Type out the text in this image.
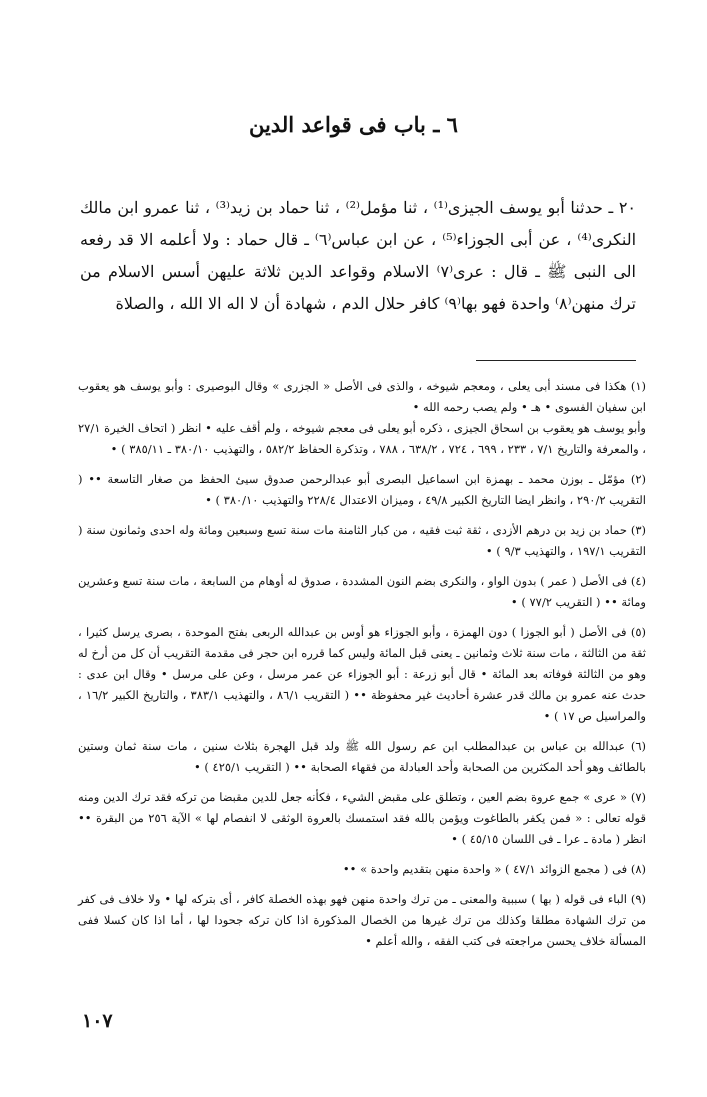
٦ ـ باب فى قواعد الدين
٢٠ ـ حدثنا أبو يوسف الجيزى⁽¹⁾ ، ثنا مؤمل⁽²⁾ ، ثنا حماد بن زيد⁽³⁾ ، ثنا عمرو ابن مالك النكرى⁽⁴⁾ ، عن أبى الجوزاء⁽⁵⁾ ، عن ابن عباس⁽٦⁾ ـ قال حماد : ولا أعلمه الا قد رفعه الى النبى ﷺ ـ قال : عرى⁽٧⁾ الاسلام وقواعد الدين ثلاثة عليهن أسس الاسلام من ترك منهن⁽٨⁾ واحدة فهو بها⁽٩⁾ كافر حلال الدم ، شهادة أن لا اله الا الله ، والصلاة

(١) هكذا فى مسند أبى يعلى ، ومعجم شيوخه ، والذى فى الأصل « الجزرى » وقال البوصيرى : وأبو يوسف هو يعقوب ابن سفيان الفسوى • هـ • ولم يصب رحمه الله •

وأبو يوسف هو يعقوب بن اسحاق الجيزى ، ذكره أبو يعلى فى معجم شيوخه ، ولم أقف عليه • انظر ( اتحاف الخيرة ٢٧/١ ، والمعرفة والتاريخ ٧/١ ، ٢٣٣ ، ٦٩٩ ، ٧٢٤ ، ٦٣٨/٢ ، ٧٨٨ ، وتذكرة الحفاظ ٥٨٢/٢ ، والتهذيب ٣٨٠/١٠ ـ ٣٨٥/١١ ) •

(٢) مؤمّل ـ بوزن محمد ـ بهمزة ابن اسماعيل البصرى أبو عبدالرحمن صدوق سيئ الحفظ من صغار التاسعة •• ( التقريب ٢٩٠/٢ ، وانظر ايضا التاريخ الكبير ٤٩/٨ ، وميزان الاعتدال ٢٢٨/٤ والتهذيب ٣٨٠/١٠ ) •

(٣) حماد بن زيد بن درهم الأزدى ، ثقة ثبت فقيه ، من كبار الثامنة مات سنة تسع وسبعين ومائة وله احدى وثمانون سنة ( التقريب ١٩٧/١ ، والتهذيب ٩/٣ ) •

(٤) فى الأصل ( عمر ) بدون الواو ، والنكرى بضم النون المشددة ، صدوق له أوهام من السابعة ، مات سنة تسع وعشرين ومائة •• ( التقريب ٧٧/٢ ) •

(٥) فى الأصل ( أبو الجوزا ) دون الهمزة ، وأبو الجوزاء هو أوس بن عبدالله الربعى بفتح الموحدة ، بصرى يرسل كثيرا ، ثقة من الثالثة ، مات سنة ثلاث وثمانين ـ يعنى قبل المائة وليس كما قرره ابن حجر فى مقدمة التقريب أن كل من أرخ له وهو من الثالثة فوفاته بعد المائة • قال أبو زرعة : أبو الجوزاء عن عمر مرسل ، وعن على مرسل • وقال ابن عدى : حدث عنه عمرو بن مالك قدر عشرة أحاديث غير محفوظة •• ( التقريب ٨٦/١ ، والتهذيب ٣٨٣/١ ، والتاريخ الكبير ١٦/٢ ، والمراسيل ص ١٧ ) •

(٦) عبدالله بن عباس بن عبدالمطلب ابن عم رسول الله ﷺ ولد قبل الهجرة بثلاث سنين ، مات سنة ثمان وستين بالطائف وهو أحد المكثرين من الصحابة وأحد العبادلة من فقهاء الصحابة •• ( التقريب ٤٢٥/١ ) •

(٧) « عرى » جمع عروة بضم العين ، وتطلق على مقبض الشيء ، فكأنه جعل للدين مقبضا من تركه فقد ترك الدين ومنه قوله تعالى : « فمن يكفر بالطاغوت ويؤمن بالله فقد استمسك بالعروة الوثقى لا انفصام لها » الآية ٢٥٦ من البقرة •• انظر ( مادة ـ عرا ـ فى اللسان ٤٥/١٥ ) •

(٨) فى ( مجمع الزوائد ٤٧/١ ) « واحدة منهن بتقديم واحدة » ••

(٩) الباء فى قوله ( بها ) سببية والمعنى ـ من ترك واحدة منهن فهو بهذه الخصلة كافر ، أى بتركه لها • ولا خلاف فى كفر من ترك الشهادة مطلقا وكذلك من ترك غيرها من الخصال المذكورة اذا كان تركه جحودا لها ، أما اذا كان كسلا ففى المسألة خلاف يحسن مراجعته فى كتب الفقه ، والله أعلم •

١٠٧
